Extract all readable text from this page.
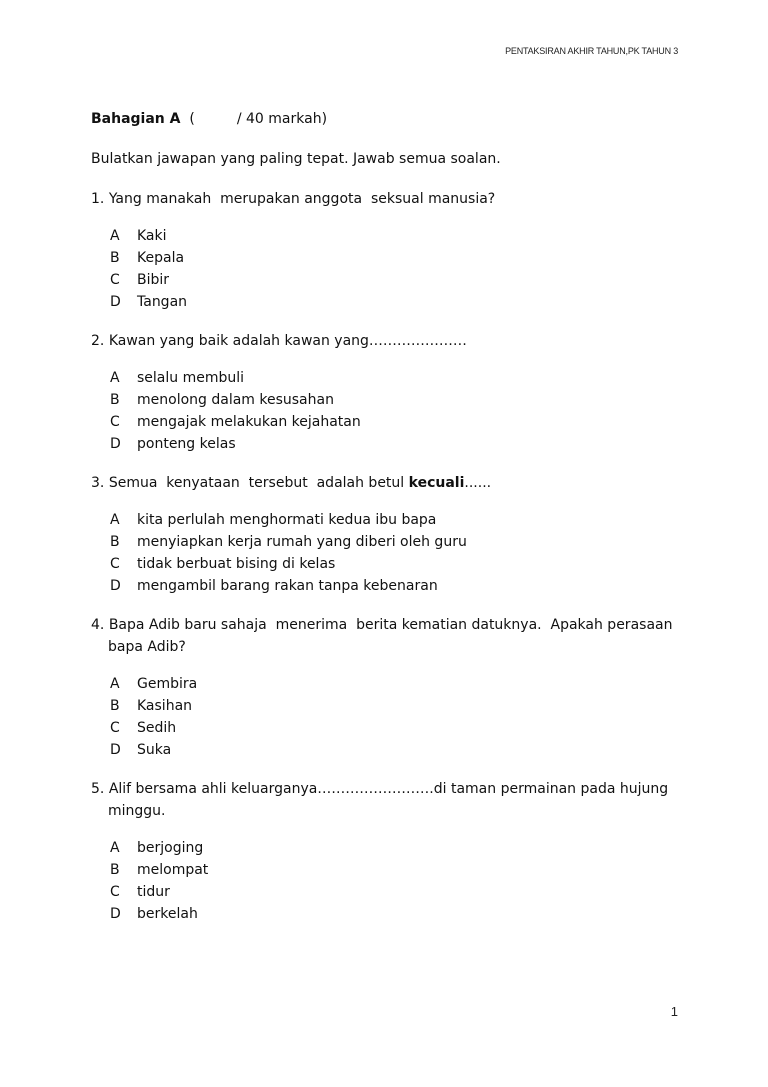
PENTAKSIRAN AKHIR TAHUN,PK TAHUN 3
Bahagian A (	/ 40 markah)
Bulatkan jawapan yang paling tepat. Jawab semua soalan.
1. Yang manakah  merupakan anggota  seksual manusia?
A	Kaki
B	Kepala
C	Bibir
D	Tangan
2. Kawan yang baik adalah kawan yang…………………
A	selalu membuli
B	menolong dalam kesusahan
C	mengajak melakukan kejahatan
D	ponteng kelas
3. Semua  kenyataan  tersebut  adalah betul kecuali......
A	kita perlulah menghormati kedua ibu bapa
B	menyiapkan kerja rumah yang diberi oleh guru
C	tidak berbuat bising di kelas
D	mengambil barang rakan tanpa kebenaran
4. Bapa Adib baru sahaja  menerima  berita kematian datuknya.  Apakah perasaan bapa Adib?
A	Gembira
B	Kasihan
C	Sedih
D	Suka
5. Alif bersama ahli keluarganya…………………….di taman permainan pada hujung minggu.
A	berjoging
B	melompat
C	tidur
D	berkelah
1
